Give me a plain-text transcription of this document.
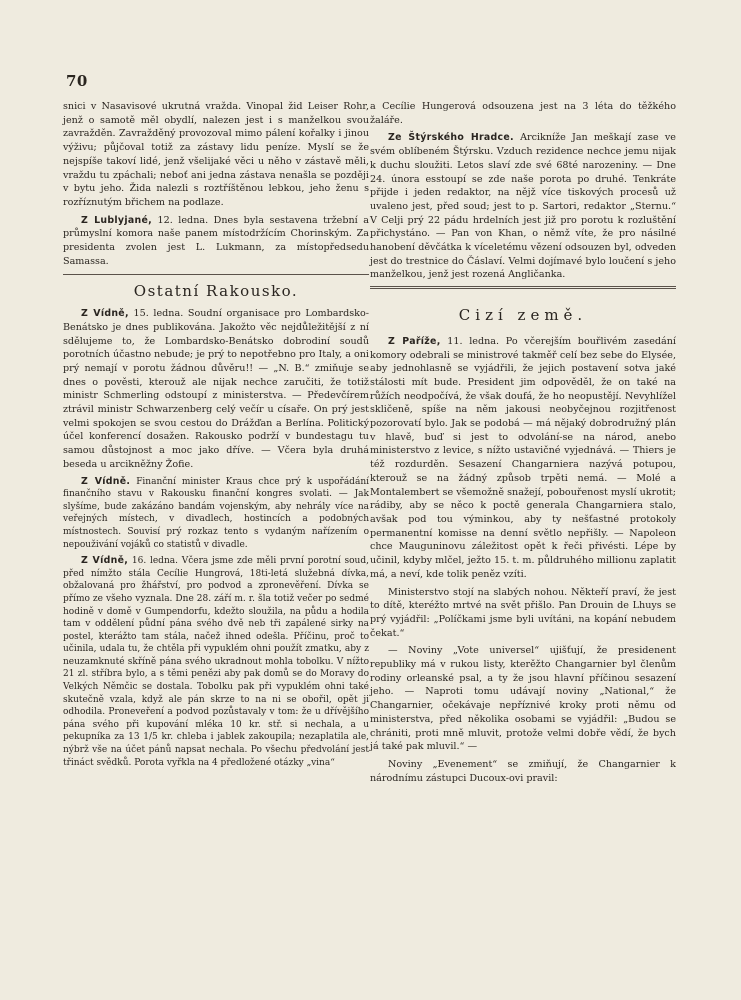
70

snici v Nasavisové ukrutná vražda. Vinopal žid Leiser Rohr, jenž o samotě měl obydlí, nalezen jest i s manželkou svou zavražděn. Zavražděný provozoval mimo pálení kořalky i jinou výživu; půjčoval totiž za zástavy lidu peníze. Myslí se že nejspíše takoví lidé, jenž všelijaké věci u něho v zástavě měli, vraždu tu zpáchali; neboť ani jedna zástava nenašla se později v bytu jeho. Žida nalezli s roztříštěnou lebkou, jeho ženu s rozříznutým břichem na podlaze.

Z Lublyjané, 12. ledna. Dnes byla sestavena tržební a průmyslní komora naše panem místodržícím Chorinským. Za presidenta zvolen jest L. Lukmann, za místopředsedu Samassa.

Ostatní Rakousko.

Z Vídně, 15. ledna. Soudní organisace pro Lombardsko-Benátsko je dnes publikována. Jakožto věc nejdůležitější z ní sdělujeme to, že Lombardsko-Benátsko dobrodiní soudů porotních účastno nebude; je prý to nepotřebno pro Italy, a oni prý nemají v porotu žádnou důvěru!! — „N. B.“ zmiňuje se dnes o pověsti, kterouž ale nijak nechce zaručiti, že totiž ministr Schmerling odstoupí z ministerstva. — Předevčírem ztrávil ministr Schwarzenberg celý večír u císaře. On prý jest velmi spokojen se svou cestou do Drážďan a Berlína. Politický účel konferencí dosažen. Rakousko podrží v bundestagu tu samou důstojnost a moc jako dříve. — Včera byla druhá beseda u arcikněžny Žofie.

Z Vídně. Finanční minister Kraus chce prý k uspořádání finančního stavu v Rakousku finanční kongres svolati. — Jak slyšíme, bude zakázáno bandám vojenským, aby nehrály více na veřejných místech, v divadlech, hostincích a podobných místnostech. Souvisí prý rozkaz tento s vydaným nařízením o nepouživání vojáků co statistů v divadle.

Z Vídně, 16. ledna. Včera jsme zde měli první porotní soud, před nímžto stála Cecílie Hungrová, 18ti-letá služebná dívka, obžalovaná pro žhářství, pro podvod a zpronevěření. Dívka se přímo ze všeho vyznala. Dne 28. září m. r. šla totiž večer po sedmé hodině v domě v Gumpendorfu, kdežto sloužila, na půdu a hodila tam v oddělení půdní pána svého dvě neb tři zapálené sirky na postel, kterážto tam stála, načež ihned odešla. Příčinu, proč to učinila, udala tu, že chtěla při vypuklém ohni použít zmatku, aby z neuzamknuté skříně pána svého ukradnout mohla tobolku. V nížto 21 zl. stříbra bylo, a s těmi penězi aby pak domů se do Moravy do Velkých Němčic se dostala. Tobolku pak při vypuklém ohni také skutečně vzala, když ale pán skrze to na ni se obořil, opět ji odhodila. Proneveření a podvod pozůstavaly v tom: že u dřívějšího pána svého při kupování mléka 10 kr. stř. si nechala, a u pekupníka za 13 1/5 kr. chleba i jablek zakoupila; nezaplatila ale, nýbrž vše na účet pánů napsat nechala. Po všechu předvolání jest třináct svědků. Porota vyřkla na 4 předložené otázky „vina“

a Cecílie Hungerová odsouzena jest na 3 léta do těžkého žaláře.

Ze Štýrského Hradce. Arcikníže Jan meškají zase ve svém oblíbeném Štýrsku. Vzduch rezidence nechce jemu nijak k duchu sloužiti. Letos slaví zde své 68té narozeniny. — Dne 24. února esstoupí se zde naše porota po druhé. Tenkráte přijde i jeden redaktor, na nějž více tiskových procesů už uvaleno jest, před soud; jest to p. Sartori, redaktor „Sternu.“ V Celji prý 22 pádu hrdelních jest již pro porotu k rozluštění přichystáno. — Pan von Khan, o němž víte, že pro násilné hanobení děvčátka k víceletému vězení odsouzen byl, odveden jest do trestnice do Čáslaví. Velmi dojímavé bylo loučení s jeho manželkou, jenž jest rozená Angličanka.

Cizí země.

Z Paříže, 11. ledna. Po včerejším bouřlivém zasedání komory odebrali se ministrové takměř celí bez sebe do Elysée, aby jednohlasně se vyjádřili, že jejich postavení sotva jaké stálosti mít bude. President jim odpověděl, že on také na růžích neodpočívá, že však doufá, že ho neopustějí. Nevyhlížel skličeně, spíše na něm jakousi neobyčejnou rozjitřenost pozorovatí bylo. Jak se podobá — má nějaký dobrodružný plán v hlavě, buď si jest to odvolání-se na národ, anebo ministerstvo z levice, s nížto ustavičné vyjednává. — Thiers je též rozdurděn. Sesazení Changarniera nazývá potupou, kterouž se na žádný způsob trpěti nemá. — Molé a Montalembert se všemožně snažejí, pobouřenost myslí ukrotit; rádiby, aby se něco k poctě generala Changarniera stalo, avšak pod tou výminkou, aby ty nešťastné protokoly permanentní komisse na denní světlo nepřišly. — Napoleon chce Mauguninovu záležitost opět k řeči přivésti. Lépe by učinil, kdyby mlčel, ježto 15. t. m. půldruhého millionu zaplatit má, a neví, kde tolik peněz vzíti.

Ministerstvo stojí na slabých nohou. Někteří praví, že jest to dítě, kteréžto mrtvé na svět přišlo. Pan Drouin de Lhuys se prý vyjádřil: „Políčkami jsme byli uvítáni, na kopání nebudem čekat.“

— Noviny „Vote universel“ ujišťují, že presidenent republiky má v rukou listy, kterěžto Changarnier byl členům rodiny orleanské psal, a ty že jsou hlavní příčinou sesazení jeho. — Naproti tomu udávají noviny „National,“ že Changarnier, očekávaje nepříznivé kroky proti němu od ministerstva, před několika osobami se vyjádřil: „Budou se chrániti, proti mně mluvit, protože velmi dobře vědí, že bych já také pak mluvil.“ —

Noviny „Evenement“ se zmiňují, že Changarnier k národnímu zástupci Ducoux-ovi pravil:
